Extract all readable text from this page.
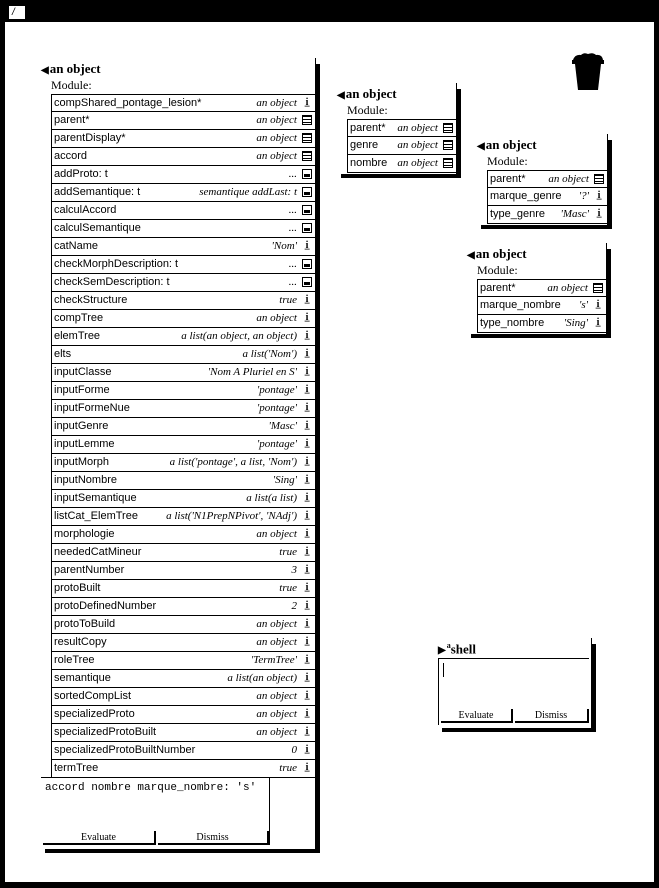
/
◀an object
Module:
compShared_pontage_lesion*	an object i̲
parent*	an object
parentDisplay*	an object
accord	an object
addProto: t	...
addSemantique: t	semantique addLast: t
calculAccord	...
calculSemantique	...
catName	'Nom' i̲
checkMorphDescription: t	...
checkSemDescription: t	...
checkStructure	true i̲
compTree	an object i̲
elemTree	a list(an object, an object) i̲
elts	a list('Nom') i̲
inputClasse	'Nom A Pluriel en S' i̲
inputForme	'pontage' i̲
inputFormeNue	'pontage' i̲
inputGenre	'Masc' i̲
inputLemme	'pontage' i̲
inputMorph	a list('pontage', a list, 'Nom') i̲
inputNombre	'Sing' i̲
inputSemantique	a list(a list) i̲
listCat_ElemTree	a list('N1PrepNPivot', 'NAdj') i̲
morphologie	an object i̲
neededCatMineur	true i̲
parentNumber	3 i̲
protoBuilt	true i̲
protoDefinedNumber	2 i̲
protoToBuild	an object i̲
resultCopy	an object i̲
roleTree	'TermTree' i̲
semantique	a list(an object) i̲
sortedCompList	an object i̲
specializedProto	an object i̲
specializedProtoBuilt	an object i̲
specializedProtoBuiltNumber	0 i̲
termTree	true i̲
accord nombre marque_nombre: 's'
Evaluate	Dismiss
◀an object
Module:
parent* an object
genre an object
nombre an object
◀an object
Module:
parent* an object
marque_genre '?' i̲
type_genre 'Masc' i̲
◀an object
Module:
parent*	an object
marque_nombre 's' i̲
type_nombre 'Sing' i̲
▶$^a$shell
Evaluate	Dismiss
